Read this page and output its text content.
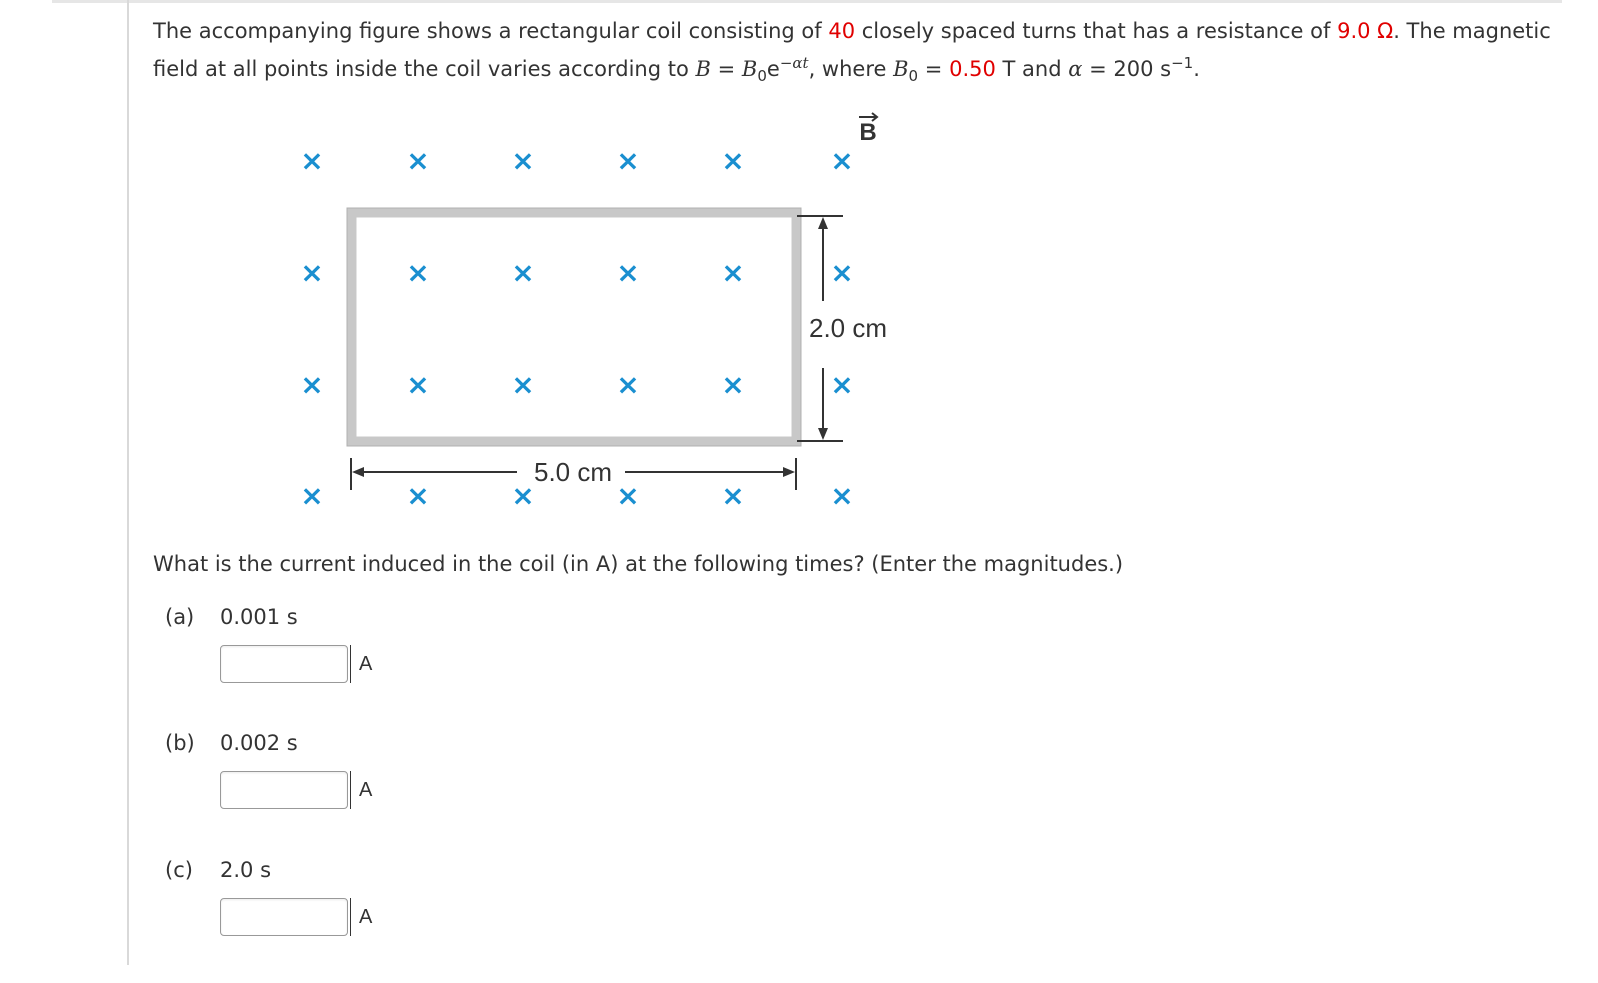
The accompanying figure shows a rectangular coil consisting of 40 closely spaced turns that has a resistance of 9.0 Ω. The magnetic field at all points inside the coil varies according to $B = B_0e^{-\alpha t}$, where $B_0 = 0.50$ T and α = 200 $s^{-1}$.
B
2.0 cm
5.0 cm
×	×	×	×	×	×
×	×	×	×	×	×
×	×	×	×	×	×
×	×	×	×	×	×
What is the current induced in the coil (in A) at the following times? (Enter the magnitudes.)
(a) 0.001 s
A
(b) 0.002 s
A
(c) 2.0 s
A
